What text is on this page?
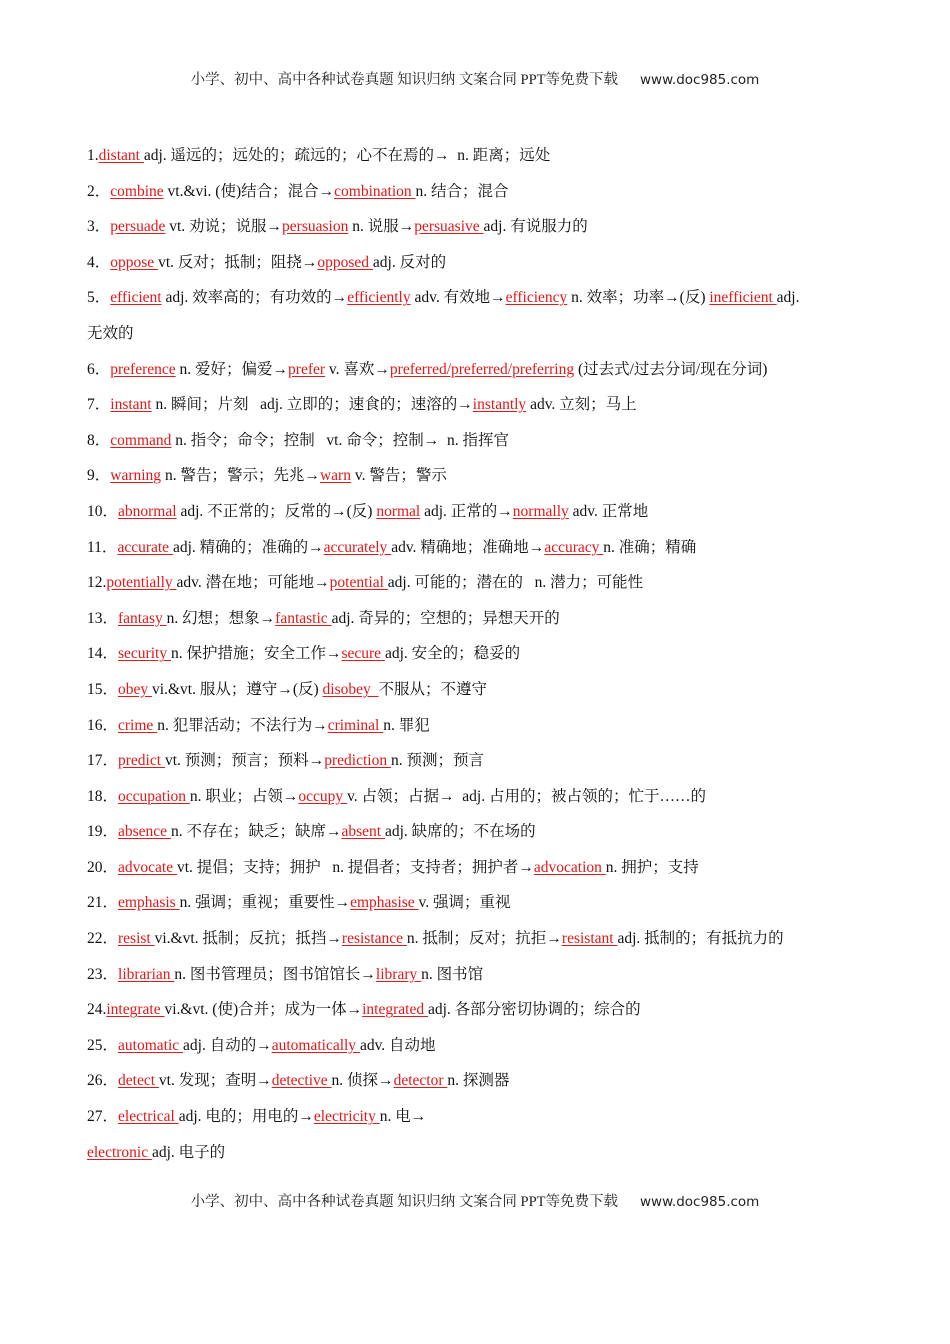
小学、初中、高中各种试卷真题 知识归纳 文案合同 PPT等免费下载 www.doc985.com
1.distant adj. 遥远的；远处的；疏远的；心不在焉的→  n. 距离；远处
2．combine vt.&vi. (使)结合；混合→combination n. 结合；混合
3．persuade vt. 劝说；说服→persuasion n. 说服→persuasive adj. 有说服力的
4．oppose vt. 反对；抵制；阻挠→opposed adj. 反对的
5．efficient adj. 效率高的；有功效的→efficiently adv. 有效地→efficiency n. 效率；功率→(反) inefficient adj.
无效的
6．preference n. 爱好；偏爱→prefer v. 喜欢→preferred/preferred/preferring (过去式/过去分词/现在分词)
7．instant n. 瞬间；片刻   adj. 立即的；速食的；速溶的→instantly adv. 立刻；马上
8．command n. 指令；命令；控制   vt. 命令；控制→  n. 指挥官
9．warning n. 警告；警示；先兆→warn v. 警告；警示
10．abnormal adj. 不正常的；反常的→(反) normal adj. 正常的→normally adv. 正常地
11．accurate adj. 精确的；准确的→accurately adv. 精确地；准确地→accuracy n. 准确；精确
12.potentially adv. 潜在地；可能地→potential adj. 可能的；潜在的   n. 潜力；可能性
13．fantasy n. 幻想；想象→fantastic adj. 奇异的；空想的；异想天开的
14．security n. 保护措施；安全工作→secure adj. 安全的；稳妥的
15．obey vi.&vt. 服从；遵守→(反) disobey  不服从；不遵守
16．crime n. 犯罪活动；不法行为→criminal n. 罪犯
17．predict vt. 预测；预言；预料→prediction n. 预测；预言
18．occupation n. 职业；占领→occupy v. 占领；占据→  adj. 占用的；被占领的；忙于……的
19．absence n. 不存在；缺乏；缺席→absent adj. 缺席的；不在场的
20．advocate vt. 提倡；支持；拥护   n. 提倡者；支持者；拥护者→advocation n. 拥护；支持
21．emphasis n. 强调；重视；重要性→emphasise v. 强调；重视
22．resist vi.&vt. 抵制；反抗；抵挡→resistance n. 抵制；反对；抗拒→resistant adj. 抵制的；有抵抗力的
23．librarian n. 图书管理员；图书馆馆长→library n. 图书馆
24.integrate vi.&vt. (使)合并；成为一体→integrated adj. 各部分密切协调的；综合的
25．automatic adj. 自动的→automatically adv. 自动地
26．detect vt. 发现；查明→detective n. 侦探→detector n. 探测器
27．electrical adj. 电的；用电的→electricity n. 电→
electronic adj. 电子的
小学、初中、高中各种试卷真题 知识归纳 文案合同 PPT等免费下载 www.doc985.com
